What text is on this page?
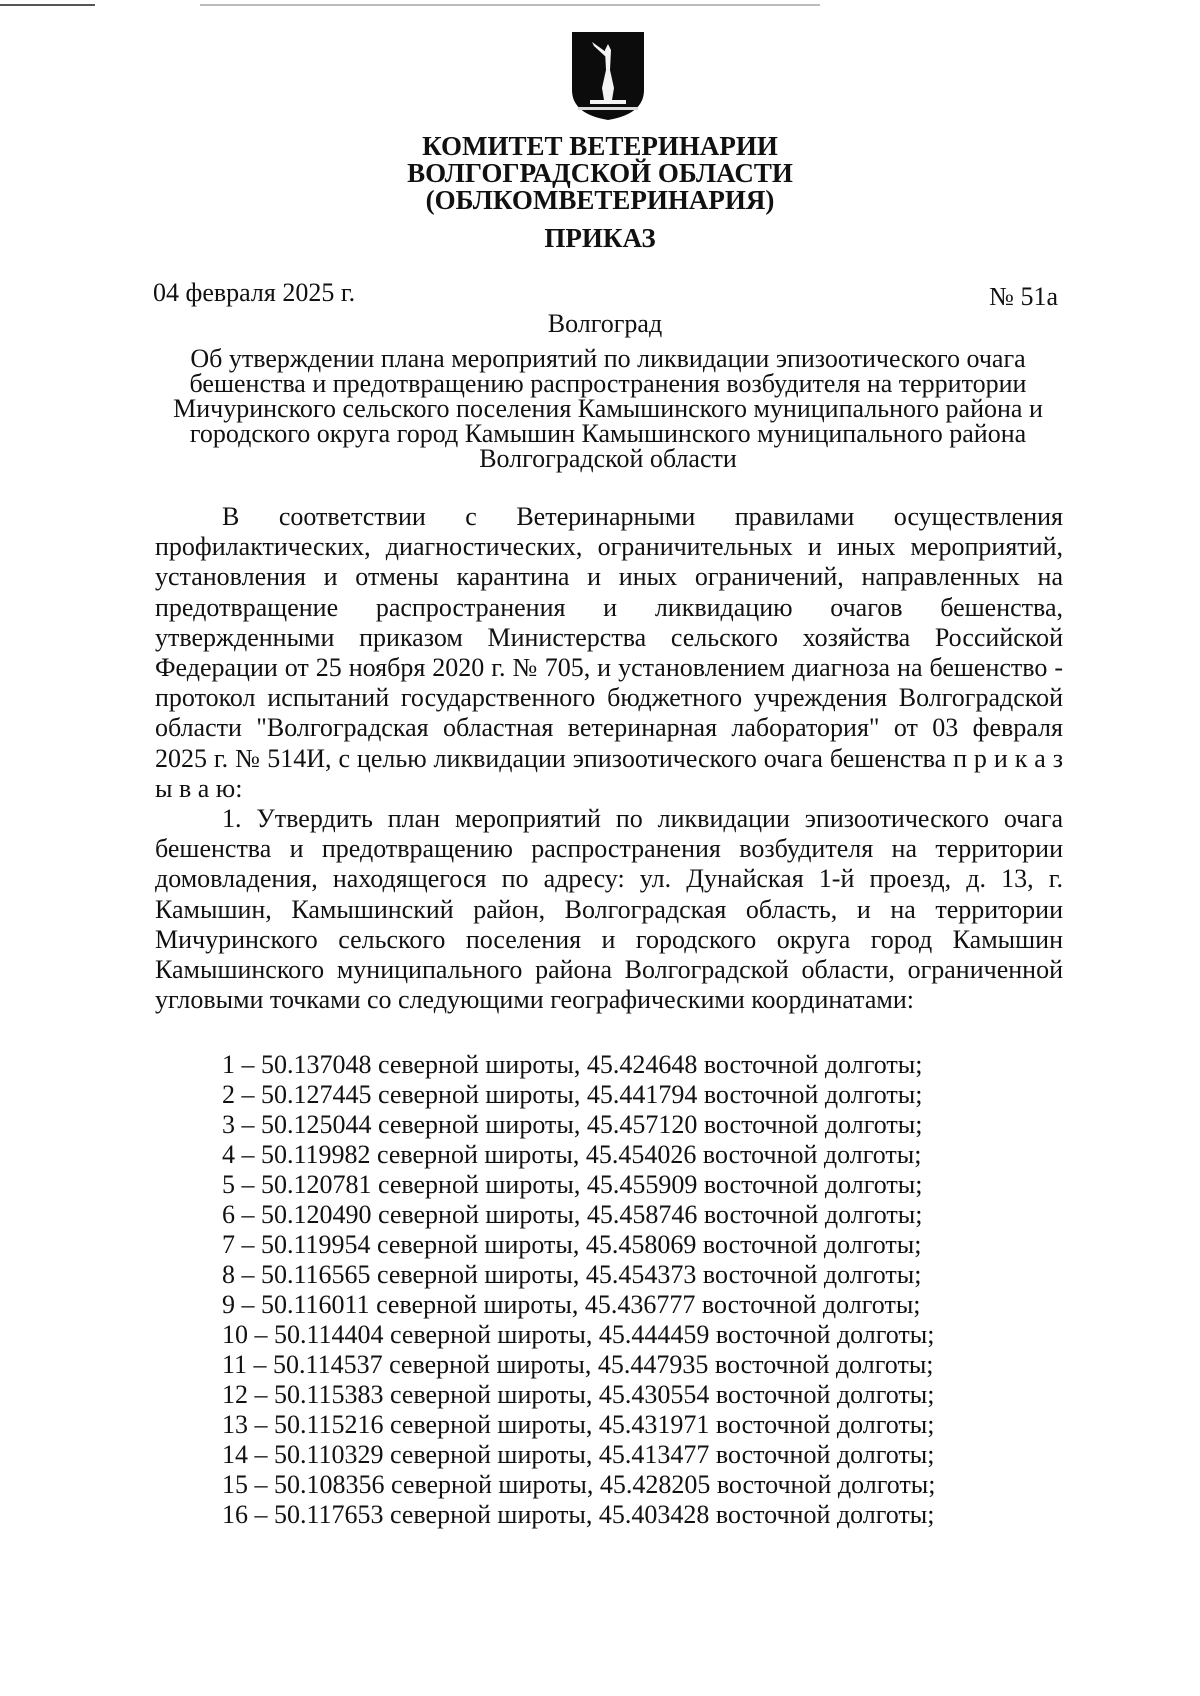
КОМИТЕТ ВЕТЕРИНАРИИ
ВОЛГОГРАДСКОЙ ОБЛАСТИ
(ОБЛКОМВЕТЕРИНАРИЯ)
ПРИКАЗ
04 февраля 2025 г.	№ 51а
Волгоград
Об утверждении плана мероприятий по ликвидации эпизоотического очага бешенства и предотвращению распространения возбудителя на территории Мичуринского сельского поселения Камышинского муниципального района и городского округа город Камышин Камышинского муниципального района Волгоградской области

В соответствии с Ветеринарными правилами осуществления профилактических, диагностических, ограничительных и иных мероприятий, установления и отмены карантина и иных ограничений, направленных на предотвращение распространения и ликвидацию очагов бешенства, утвержденными приказом Министерства сельского хозяйства Российской Федерации от 25 ноября 2020 г. № 705, и установлением диагноза на бешенство - протокол испытаний государственного бюджетного учреждения Волгоградской области "Волгоградская областная ветеринарная лаборатория" от 03 февраля 2025 г. № 514И, с целью ликвидации эпизоотического очага бешенства п р и к а з ы в а ю:

1. Утвердить план мероприятий по ликвидации эпизоотического очага бешенства и предотвращению распространения возбудителя на территории домовладения, находящегося по адресу: ул. Дунайская 1-й проезд, д. 13, г. Камышин, Камышинский район, Волгоградская область, и на территории Мичуринского сельского поселения и городского округа город Камышин Камышинского муниципального района Волгоградской области, ограниченной угловыми точками со следующими географическими координатами:

1 – 50.137048 северной широты, 45.424648 восточной долготы;
2 – 50.127445 северной широты, 45.441794 восточной долготы;
3 – 50.125044 северной широты, 45.457120 восточной долготы;
4 – 50.119982 северной широты, 45.454026 восточной долготы;
5 – 50.120781 северной широты, 45.455909 восточной долготы;
6 – 50.120490 северной широты, 45.458746 восточной долготы;
7 – 50.119954 северной широты, 45.458069 восточной долготы;
8 – 50.116565 северной широты, 45.454373 восточной долготы;
9 – 50.116011 северной широты, 45.436777 восточной долготы;
10 – 50.114404 северной широты, 45.444459 восточной долготы;
11 – 50.114537 северной широты, 45.447935 восточной долготы;
12 – 50.115383 северной широты, 45.430554 восточной долготы;
13 – 50.115216 северной широты, 45.431971 восточной долготы;
14 – 50.110329 северной широты, 45.413477 восточной долготы;
15 – 50.108356 северной широты, 45.428205 восточной долготы;
16 – 50.117653 северной широты, 45.403428 восточной долготы;
